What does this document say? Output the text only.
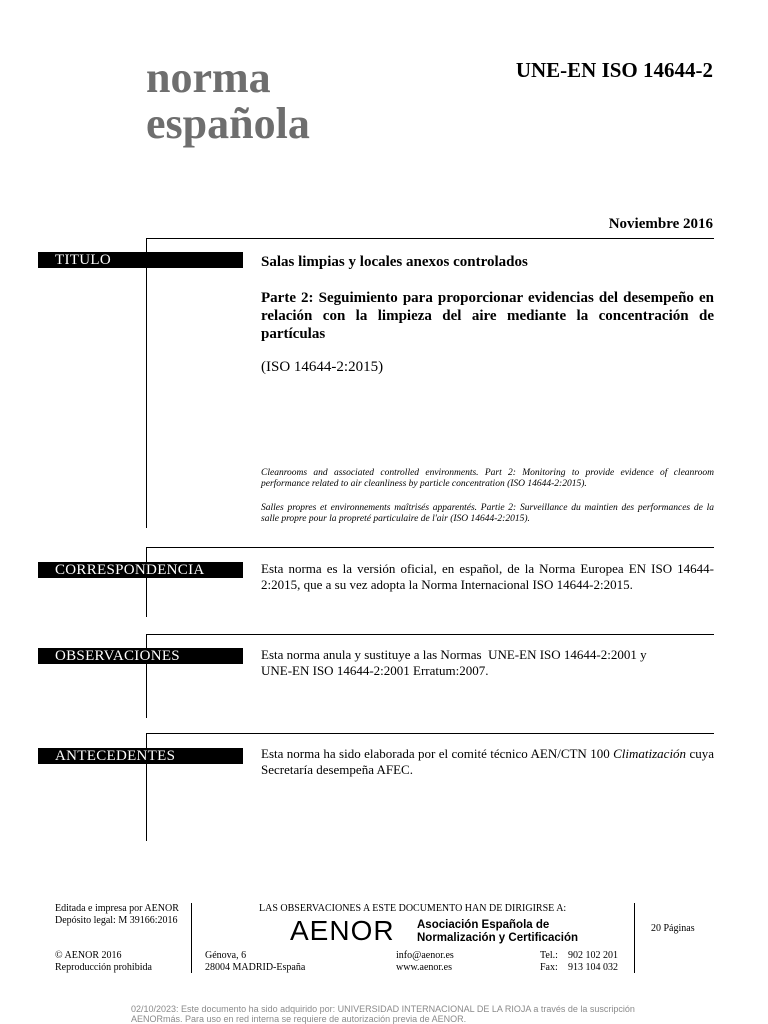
norma
española
UNE-EN ISO 14644-2
Noviembre 2016
TITULO	Salas limpias y locales anexos controlados
Parte 2: Seguimiento para proporcionar evidencias del desempeño en relación con la limpieza del aire mediante la concentración de partículas
(ISO 14644-2:2015)
Cleanrooms and associated controlled environments. Part 2: Monitoring to provide evidence of cleanroom performance related to air cleanliness by particle concentration (ISO 14644-2:2015).
Salles propres et environnements maîtrisés apparentés. Partie 2: Surveillance du maintien des performances de la salle propre pour la propreté particulaire de l'air (ISO 14644-2:2015).
CORRESPONDENCIA	Esta norma es la versión oficial, en español, de la Norma Europea EN ISO 14644-2:2015, que a su vez adopta la Norma Internacional ISO 14644-2:2015.
OBSERVACIONES	Esta norma anula y sustituye a las Normas  UNE-EN ISO 14644-2:2001 y
UNE-EN ISO 14644-2:2001 Erratum:2007.
ANTECEDENTES	Esta norma ha sido elaborada por el comité técnico AEN/CTN 100 Climatización cuya Secretaría desempeña AFEC.
Editada e impresa por AENOR
Depósito legal: M 39166:2016
© AENOR 2016
Reproducción prohibida
LAS OBSERVACIONES A ESTE DOCUMENTO HAN DE DIRIGIRSE A:
AENOR Asociación Española de
Normalización y Certificación
Génova, 6
28004 MADRID-España
info@aenor.es
www.aenor.es
Tel.: 902 102 201
Fax: 913 104 032
20 Páginas
02/10/2023: Este documento ha sido adquirido por: UNIVERSIDAD INTERNACIONAL DE LA RIOJA a través de la suscripción
AENORmás. Para uso en red interna se requiere de autorización previa de AENOR.
